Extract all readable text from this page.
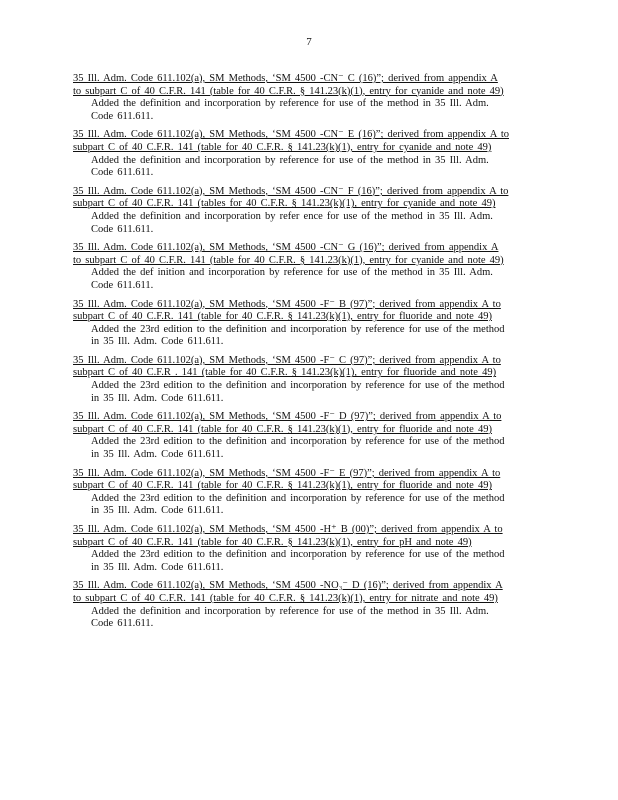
7
35 Ill. Adm. Code 611.102(a), SM Methods, ‘SM 4500 -CN⁻ C (16)”; derived from appendix A
to subpart C of 40 C.F.R. 141 (table for 40 C.F.R. § 141.23(k)(1), entry for cyanide and note 49)
Added the definition and incorporation by reference for use of the method in 35 Ill. Adm.
Code 611.611.
35 Ill. Adm. Code 611.102(a), SM Methods, ‘SM 4500 -CN⁻ E (16)”; derived from appendix A to
subpart C of 40 C.F.R. 141 (table for 40 C.F.R. § 141.23(k)(1), entry for cyanide and note 49)
Added the definition and incorporation by reference for use of the method in 35 Ill. Adm.
Code 611.611.
35 Ill. Adm. Code 611.102(a), SM Methods, ‘SM 4500 -CN⁻ F (16)”; derived from appendix A to
subpart C of 40 C.F.R. 141 (tables for 40 C.F.R. § 141.23(k)(1), entry for cyanide and note 49)
Added the definition and incorporation by refer ence for use of the method in 35 Ill. Adm.
Code 611.611.
35 Ill. Adm. Code 611.102(a), SM Methods, ‘SM 4500 -CN⁻ G (16)”; derived from appendix A
to subpart C of 40 C.F.R. 141 (table for 40 C.F.R. § 141.23(k)(1), entry for cyanide and note 49)
Added the def inition and incorporation by reference for use of the method in 35 Ill. Adm.
Code 611.611.
35 Ill. Adm. Code 611.102(a), SM Methods, ‘SM 4500 -F⁻ B (97)”; derived from appendix A to
subpart C of 40 C.F.R. 141 (table for 40 C.F.R. § 141.23(k)(1), entry for fluoride and note 49)
Added the 23rd edition to the definition and incorporation by reference for use of the method
in 35 Ill. Adm. Code 611.611.
35 Ill. Adm. Code 611.102(a), SM Methods, ‘SM 4500 -F⁻ C (97)”; derived from appendix A to
subpart C of 40 C.F.R . 141 (table for 40 C.F.R. § 141.23(k)(1), entry for fluoride and note 49)
Added the 23rd edition to the definition and incorporation by reference for use of the method
in 35 Ill. Adm. Code 611.611.
35 Ill. Adm. Code 611.102(a), SM Methods, ‘SM 4500 -F⁻ D (97)”; derived from appendix A to
subpart C of 40 C.F.R. 141 (table for 40 C.F.R. § 141.23(k)(1), entry for fluoride and note 49)
Added the 23rd edition to the definition and incorporation by reference for use of the method
in 35 Ill. Adm. Code 611.611.
35 Ill. Adm. Code 611.102(a), SM Methods, ‘SM 4500 -F⁻ E (97)”; derived from appendix A to
subpart C of 40 C.F.R. 141 (table for 40 C.F.R. § 141.23(k)(1), entry for fluoride and note 49)
Added the 23rd edition to the definition and incorporation by reference for use of the method
in 35 Ill. Adm. Code 611.611.
35 Ill. Adm. Code 611.102(a), SM Methods, ‘SM 4500 -H⁺ B (00)”; derived from appendix A to
subpart C of 40 C.F.R. 141 (table for 40 C.F.R. § 141.23(k)(1), entry for pH and note 49)
Added the 23rd edition to the definition and incorporation by reference for use of the method
in 35 Ill. Adm. Code 611.611.
35 Ill. Adm. Code 611.102(a), SM Methods, ‘SM 4500 -NO₃⁻ D (16)”; derived from appendix A
to subpart C of 40 C.F.R. 141 (table for 40 C.F.R. § 141.23(k)(1), entry for nitrate and note 49)
Added the definition and incorporation by reference for use of the method in 35 Ill. Adm.
Code 611.611.
